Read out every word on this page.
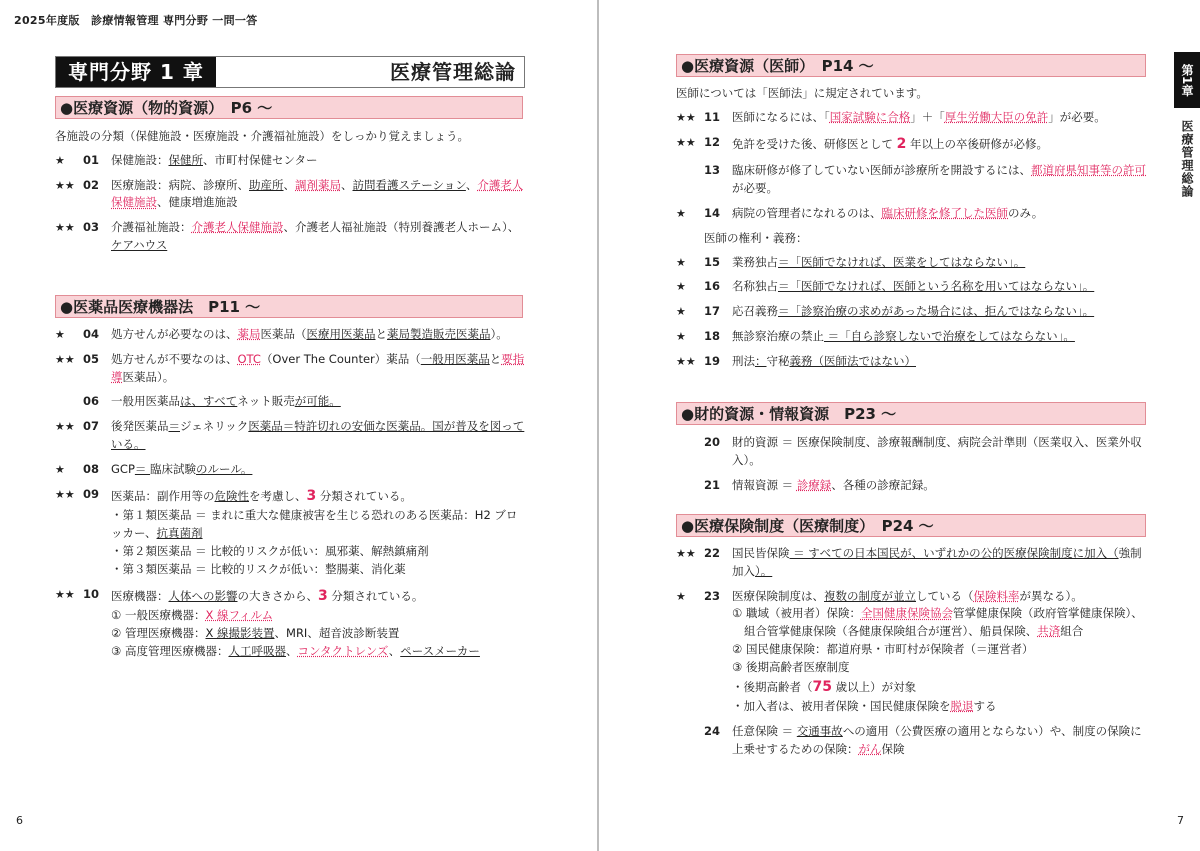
2025年度版　診療情報管理 専門分野 一問一答
専門分野 1 章	医療管理総論
●医療資源（物的資源）　P6 ～
各施設の分類（保健施設・医療施設・介護福祉施設）をしっかり覚えましょう。
★ 01 保健施設：保健所、市町村保健センター
★★ 02 医療施設：病院、診療所、助産所、調剤薬局、訪問看護ステーション、介護老人保健施設、健康増進施設
★★ 03 介護福祉施設：介護老人保健施設、介護老人福祉施設（特別養護老人ホーム）、ケアハウス
●医薬品医療機器法　P11 ～
★ 04 処方せんが必要なのは、薬局医薬品（医療用医薬品と薬局製造販売医薬品）。
★★ 05 処方せんが不要なのは、OTC（Over The Counter）薬品（一般用医薬品と要指導医薬品）。
06 一般用医薬品は、すべてネット販売が可能。
★★ 07 後発医薬品＝ジェネリック医薬品＝特許切れの安価な医薬品。国が普及を図っている。
★ 08 GCP＝ 臨床試験のルール。
★★ 09 医薬品：副作用等の危険性を考慮し、3 分類されている。
・第１類医薬品 ＝ まれに重大な健康被害を生じる恐れのある医薬品：H2 ブロッカー、抗真菌剤
・第２類医薬品 ＝ 比較的リスクが低い：風邪薬、解熱鎮痛剤
・第３類医薬品 ＝ 比較的リスクが低い：整腸薬、消化薬
★★ 10 医療機器：人体への影響の大きさから、3 分類されている。
① 一般医療機器：X 線フィルム
② 管理医療機器：X 線撮影装置、MRI、超音波診断装置
③ 高度管理医療機器：人工呼吸器、コンタクトレンズ、ペースメーカー
6
●医療資源（医師）　P14 ～
医師については「医師法」に規定されています。
★★ 11 医師になるには、「国家試験に合格」＋「厚生労働大臣の免許」が必要。
★★ 12 免許を受けた後、研修医として 2 年以上の卒後研修が必修。
13 臨床研修が修了していない医師が診療所を開設するには、都道府県知事等の許可が必要。
★ 14 病院の管理者になれるのは、臨床研修を修了した医師のみ。
医師の権利・義務：
★ 15 業務独占＝「医師でなければ、医業をしてはならない」。
★ 16 名称独占＝「医師でなければ、医師という名称を用いてはならない」。
★ 17 応召義務＝「診察治療の求めがあった場合には、拒んではならない」。
★ 18 無診察治療の禁止 ＝「自ら診察しないで治療をしてはならない」。
★★ 19 刑法：守秘義務（医師法ではない）
●財的資源・情報資源　P23 ～
20 財的資源 ＝ 医療保険制度、診療報酬制度、病院会計準則（医業収入、医業外収入）。
21 情報資源 ＝ 診療録、各種の診療記録。
●医療保険制度（医療制度）　P24 ～
★★ 22 国民皆保険 ＝ すべての日本国民が、いずれかの公的医療保険制度に加入（強制加入）。
★ 23 医療保険制度は、複数の制度が並立している（保険料率が異なる）。
① 職域（被用者）保険：全国健康保険協会管掌健康保険（政府管掌健康保険）、
組合管掌健康保険（各健康保険組合が運営）、船員保険、共済組合
② 国民健康保険：都道府県・市町村が保険者（＝運営者）
③ 後期高齢者医療制度
・後期高齢者（75 歳以上）が対象
・加入者は、被用者保険・国民健康保険を脱退する
24 任意保険 ＝ 交通事故への適用（公費医療の適用とならない）や、制度の保険に上乗せするための保険：がん保険
7
第1章
医療管理総論
